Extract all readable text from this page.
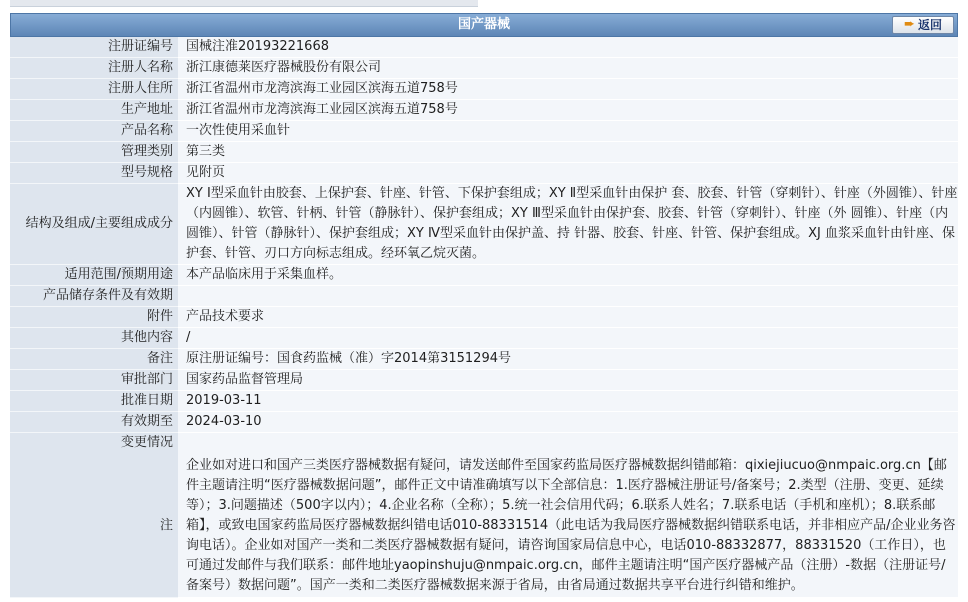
国产器械	➨ 返回
注册证编号	国械注准20193221668
注册人名称	浙江康德莱医疗器械股份有限公司
注册人住所	浙江省温州市龙湾滨海工业园区滨海五道758号
生产地址	浙江省温州市龙湾滨海工业园区滨海五道758号
产品名称	一次性使用采血针
管理类别	第三类
型号规格	见附页
结构及组成/主要组成成分	XY Ⅰ型采血针由胶套、上保护套、针座、针管、下保护套组成；XY Ⅱ型采血针由保护 套、胶套、针管（穿刺针）、针座（外圆锥）、针座（内圆锥）、软管、针柄、针管（静脉针）、保护套组成；XY Ⅲ型采血针由保护套、胶套、针管（穿刺针）、针座（外 圆锥）、针座（内圆锥）、针管（静脉针）、保护套组成；XY Ⅳ型采血针由保护盖、持 针器、胶套、针座、针管、保护套组成。XJ 血浆采血针由针座、保护套、针管、刃口方向标志组成。经环氧乙烷灭菌。
适用范围/预期用途	本产品临床用于采集血样。
产品储存条件及有效期	
附件	产品技术要求
其他内容	/
备注	原注册证编号：国食药监械（准）字2014第3151294号
审批部门	国家药品监督管理局
批准日期	2019-03-11
有效期至	2024-03-10

变更情况
注	企业如对进口和国产三类医疗器械数据有疑问，请发送邮件至国家药监局医疗器械数据纠错邮箱：qixiejiucuo@nmpaic.org.cn【邮件主题请注明“医疗器械数据问题”，邮件正文中请准确填写以下全部信息：1.医疗器械注册证号/备案号；2.类型（注册、变更、延续等）；3.问题描述（500字以内）；4.企业名称（全称）；5.统一社会信用代码；6.联系人姓名；7.联系电话（手机和座机）；8.联系邮箱】，或致电国家药监局医疗器械数据纠错电话010-88331514（此电话为我局医疗器械数据纠错联系电话，并非相应产品/企业业务咨询电话）。企业如对国产一类和二类医疗器械数据有疑问，请咨询国家局信息中心，电话010-88332877，88331520（工作日），也可通过发邮件与我们联系：邮件地址yaopinshuju@nmpaic.org.cn，邮件主题请注明“国产医疗器械产品（注册）-数据（注册证号/备案号）数据问题”。国产一类和二类医疗器械数据来源于省局，由省局通过数据共享平台进行纠错和维护。
